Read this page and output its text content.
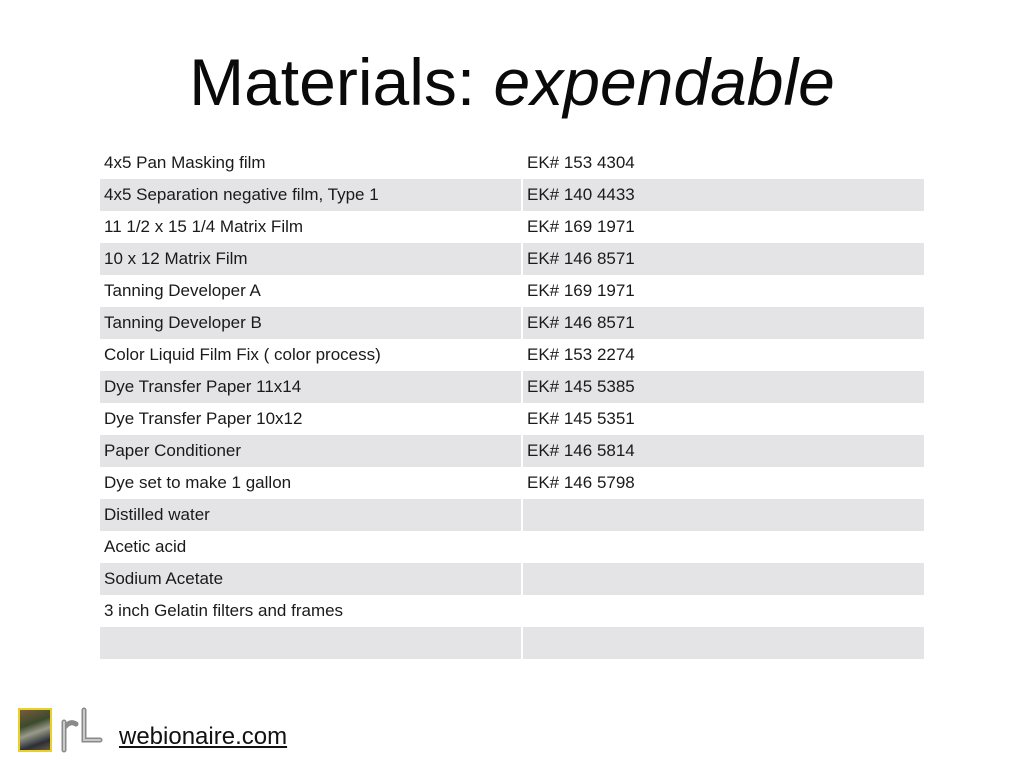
Materials: expendable
4x5 Pan Masking film	EK# 153 4304
4x5 Separation negative film, Type 1	EK# 140 4433
11 1/2 x 15 1/4 Matrix Film	EK# 169 1971
10 x 12 Matrix Film	EK# 146 8571
Tanning Developer A	EK# 169 1971
Tanning Developer B	EK# 146 8571
Color Liquid Film Fix ( color process)	EK# 153 2274
Dye Transfer Paper 11x14	EK# 145 5385
Dye Transfer Paper 10x12	EK# 145 5351
Paper Conditioner	EK# 146 5814
Dye set to make 1 gallon	EK# 146 5798
Distilled water	
Acetic acid	
Sodium Acetate	
3 inch Gelatin filters and frames	

webionaire.com
